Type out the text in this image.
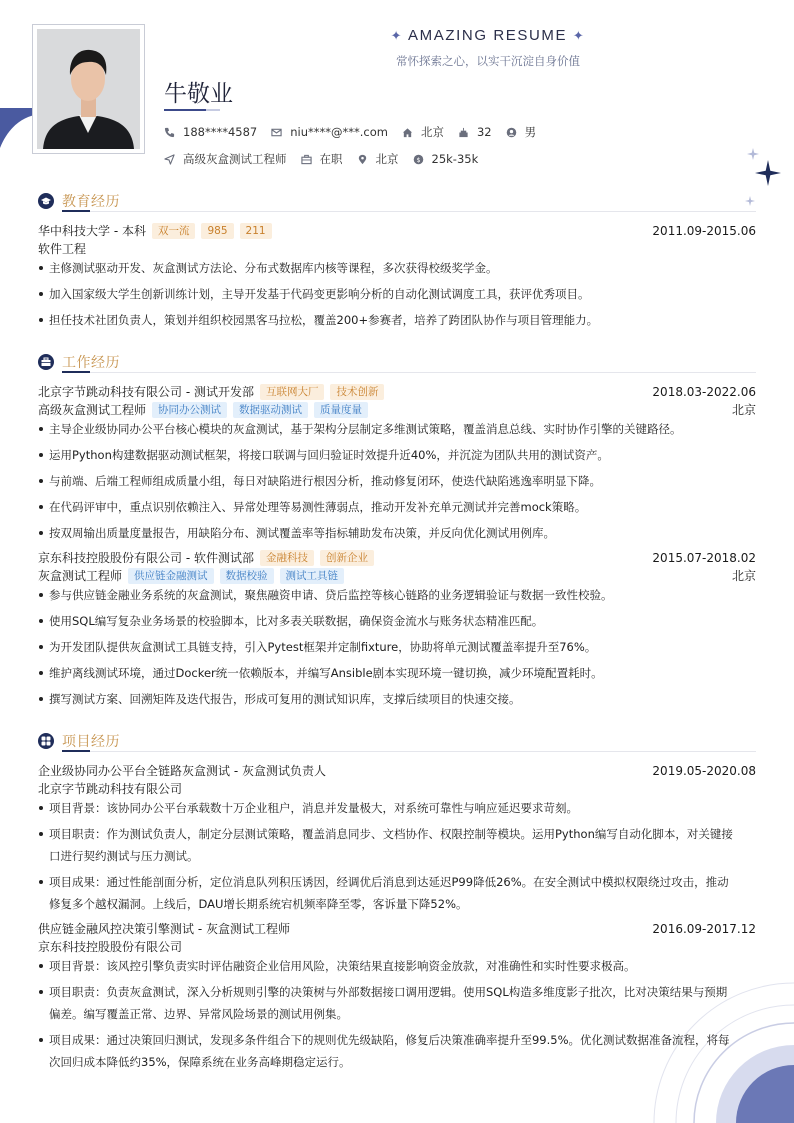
✦ AMAZING RESUME ✦
常怀探索之心，以实干沉淀自身价值
牛敬业
188****4587	niu****@***.com	北京	32	男
高级灰盒测试工程师	在职	北京 $ 25k-35k
教育经历
华中科技大学 - 本科	双一流	985	211	2011.09-2015.06
软件工程
主修测试驱动开发、灰盒测试方法论、分布式数据库内核等课程，多次获得校级奖学金。
加入国家级大学生创新训练计划，主导开发基于代码变更影响分析的自动化测试调度工具，获评优秀项目。
担任技术社团负责人，策划并组织校园黑客马拉松，覆盖200+参赛者，培养了跨团队协作与项目管理能力。
工作经历
北京字节跳动科技有限公司 - 测试开发部	互联网大厂	技术创新	2018.03-2022.06
高级灰盒测试工程师	协同办公测试	数据驱动测试	质量度量	北京
主导企业级协同办公平台核心模块的灰盒测试，基于架构分层制定多维测试策略，覆盖消息总线、实时协作引擎的关键路径。
运用Python构建数据驱动测试框架，将接口联调与回归验证时效提升近40%，并沉淀为团队共用的测试资产。
与前端、后端工程师组成质量小组，每日对缺陷进行根因分析，推动修复闭环，使迭代缺陷逃逸率明显下降。
在代码评审中，重点识别依赖注入、异常处理等易测性薄弱点，推动开发补充单元测试并完善mock策略。
按双周输出质量度量报告，用缺陷分布、测试覆盖率等指标辅助发布决策，并反向优化测试用例库。
京东科技控股股份有限公司 - 软件测试部	金融科技	创新企业	2015.07-2018.02
灰盒测试工程师	供应链金融测试	数据校验	测试工具链	北京
参与供应链金融业务系统的灰盒测试，聚焦融资申请、贷后监控等核心链路的业务逻辑验证与数据一致性校验。
使用SQL编写复杂业务场景的校验脚本，比对多表关联数据，确保资金流水与账务状态精准匹配。
为开发团队提供灰盒测试工具链支持，引入Pytest框架并定制fixture，协助将单元测试覆盖率提升至76%。
维护离线测试环境，通过Docker统一依赖版本，并编写Ansible剧本实现环境一键切换，减少环境配置耗时。
撰写测试方案、回溯矩阵及迭代报告，形成可复用的测试知识库，支撑后续项目的快速交接。
项目经历
企业级协同办公平台全链路灰盒测试 - 灰盒测试负责人	2019.05-2020.08
北京字节跳动科技有限公司
项目背景：该协同办公平台承载数十万企业租户，消息并发量极大，对系统可靠性与响应延迟要求苛刻。
项目职责：作为测试负责人，制定分层测试策略，覆盖消息同步、文档协作、权限控制等模块。运用Python编写自动化脚本，对关键接
口进行契约测试与压力测试。
项目成果：通过性能剖面分析，定位消息队列积压诱因，经调优后消息到达延迟P99降低26%。在安全测试中模拟权限绕过攻击，推动
修复多个越权漏洞。上线后，DAU增长期系统宕机频率降至零，客诉量下降52%。
供应链金融风控决策引擎测试 - 灰盒测试工程师	2016.09-2017.12
京东科技控股股份有限公司
项目背景：该风控引擎负责实时评估融资企业信用风险，决策结果直接影响资金放款，对准确性和实时性要求极高。
项目职责：负责灰盒测试，深入分析规则引擎的决策树与外部数据接口调用逻辑。使用SQL构造多维度影子批次，比对决策结果与预期
偏差。编写覆盖正常、边界、异常风险场景的测试用例集。
项目成果：通过决策回归测试，发现多条件组合下的规则优先级缺陷，修复后决策准确率提升至99.5%。优化测试数据准备流程，将每
次回归成本降低约35%，保障系统在业务高峰期稳定运行。
